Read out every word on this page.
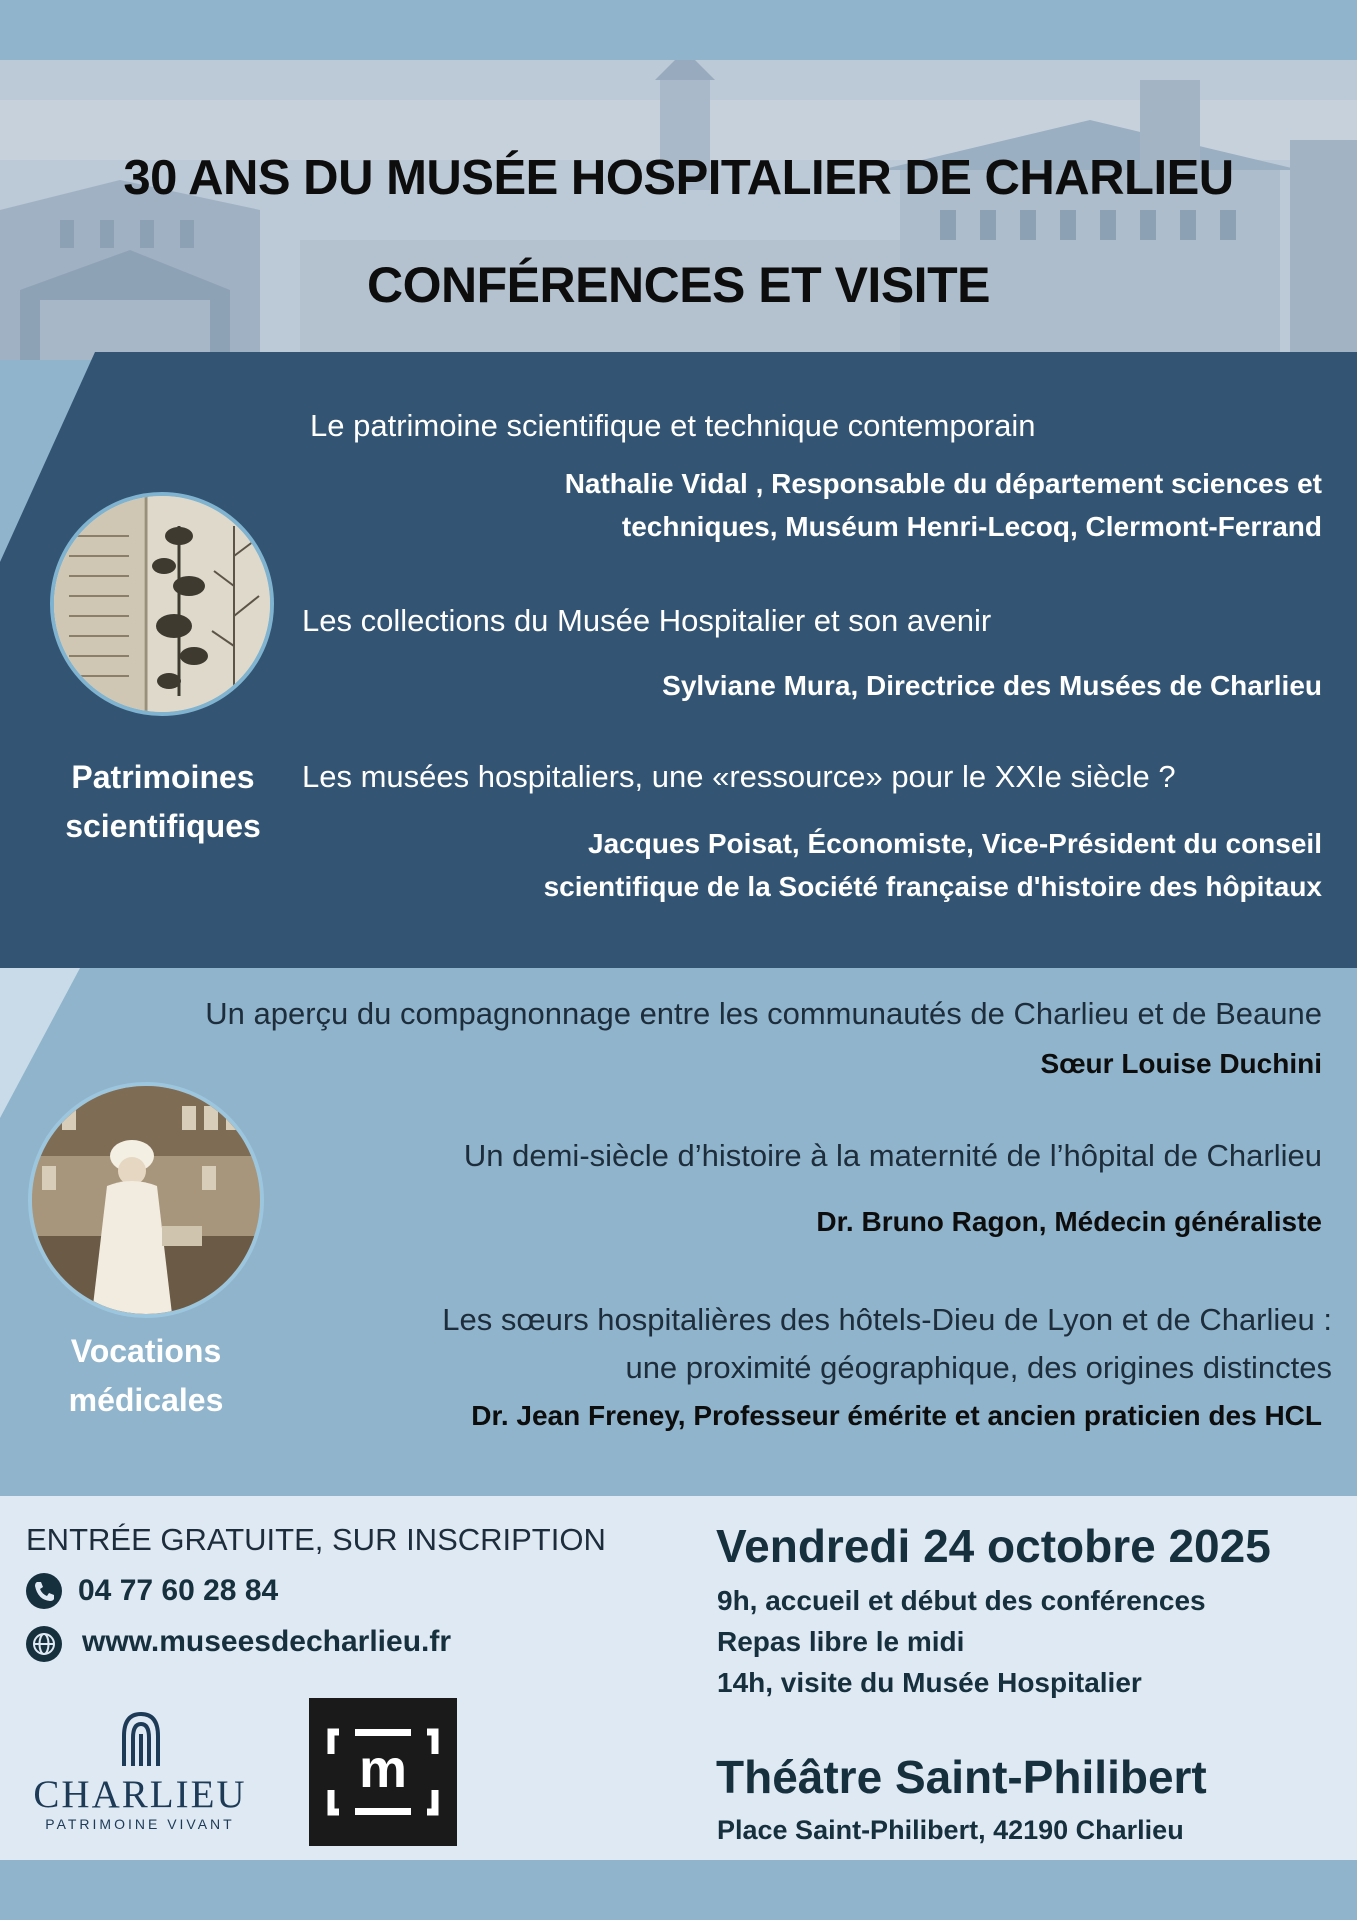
30 ANS DU MUSÉE HOSPITALIER DE CHARLIEU
CONFÉRENCES ET VISITE
Patrimoines
scientifiques
Le patrimoine scientifique et technique contemporain
Nathalie Vidal , Responsable du département sciences et
techniques, Muséum Henri-Lecoq, Clermont-Ferrand
Les collections du Musée Hospitalier et son avenir
Sylviane Mura, Directrice des Musées de Charlieu
Les musées hospitaliers, une «ressource» pour le XXIe siècle ?
Jacques Poisat, Économiste, Vice-Président du conseil
scientifique de la Société française d'histoire des hôpitaux
Vocations
médicales
Un aperçu du compagnonnage entre les communautés de Charlieu et de Beaune
Sœur Louise Duchini
Un demi-siècle d’histoire à la maternité de l’hôpital de Charlieu
Dr. Bruno Ragon, Médecin généraliste
Les sœurs hospitalières des hôtels-Dieu de Lyon et de Charlieu :
une proximité géographique, des origines distinctes
Dr. Jean Freney, Professeur émérite et ancien praticien des HCL
ENTRÉE GRATUITE, SUR INSCRIPTION
04 77 60 28 84
www.museesdecharlieu.fr
CHARLIEU
PATRIMOINE VIVANT
m
Vendredi 24 octobre 2025
9h, accueil et début des conférences
Repas libre le midi
14h, visite du Musée Hospitalier
Théâtre Saint-Philibert
Place Saint-Philibert, 42190 Charlieu
